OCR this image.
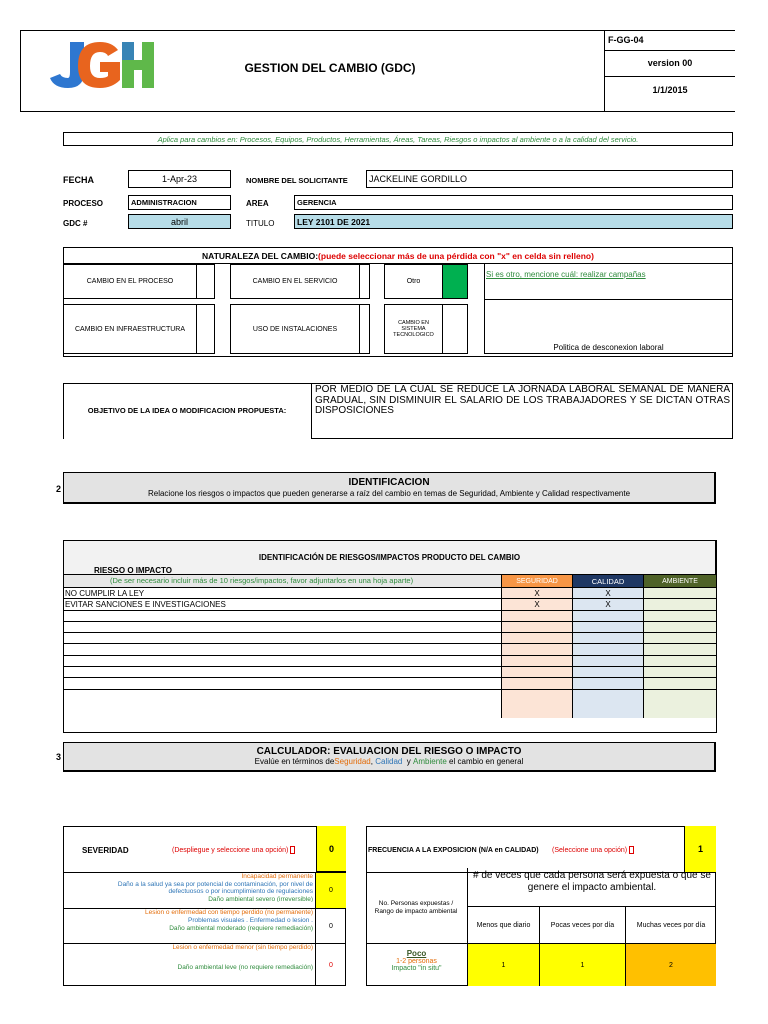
GESTION DEL CAMBIO (GDC)
F-GG-04
version 00
1/1/2015
Aplica para cambios en: Procesos, Equipos, Productos, Herramientas, Áreas, Tareas, Riesgos o impactos al ambiente o a la calidad del servicio.
FECHA	1-Apr-23	NOMBRE DEL SOLICITANTE	JACKELINE GORDILLO
PROCESO	ADMINISTRACION	AREA	GERENCIA
GDC #	abril	TITULO	LEY 2101 DE 2021
NATURALEZA DEL CAMBIO: (puede seleccionar más de una pérdida con "x" en celda sin relleno)
CAMBIO EN EL PROCESO	CAMBIO EN EL SERVICIO	Otro
Si es otro, mencione cuál: realizar campañas
CAMBIO EN INFRAESTRUCTURA	USO DE INSTALACIONES
CAMBIO EN SISTEMA TECNOLOGICO
Politica de desconexion laboral
OBJETIVO DE LA IDEA O MODIFICACION PROPUESTA:
POR MEDIO DE LA CUAL SE REDUCE LA JORNADA LABORAL SEMANAL DE MANERA GRADUAL, SIN DISMINUIR EL SALARIO DE LOS TRABAJADORES Y SE DICTAN OTRAS DISPOSICIONES
2
IDENTIFICACION
Relacione los riesgos o impactos que pueden generarse a raíz del cambio en temas de Seguridad, Ambiente y Calidad respectivamente
IDENTIFICACIÓN DE RIESGOS/IMPACTOS PRODUCTO DEL CAMBIO
RIESGO O IMPACTO
(De ser necesario incluir más de 10 riesgos/impactos, favor adjuntarlos en una hoja aparte)	SEGURIDAD	CALIDAD	AMBIENTE
NO CUMPLIR LA LEY	X	X
EVITAR SANCIONES E INVESTIGACIONES	X	X
3	CALCULADOR: EVALUACION DEL RIESGO O IMPACTO
Evalúe en términos de Seguridad , Calidad y Ambiente el cambio en general
SEVERIDAD	(Despliegue y seleccione una opción)
	0
Incapacidad permanente
Daño a la salud ya sea por potencial de contaminación, por nivel de defectuosos o por incumplimiento de regulaciones
Daño ambiental severo (irreversible)
0
Lesion o enfermedad con tiempo perdido (no permanente)
Problemas visuales . Enfermedad o lesion .
Daño ambiental moderado (requiere remediación)	0
Lesion o enfermedad menor (sin tiempo perdido)
Daño ambiental leve (no requiere remediación)	0
FRECUENCIA A LA EXPOSICION (N/A en CALIDAD) (Seleccione una opción)
	1
No. Personas expuestas / Rango de impacto ambiental
# de veces que cada persona será expuesta o que se genere el impacto ambiental.
Menos que diario	Pocas veces por día	Muchas veces por día
Poco
1-2 personas
Impacto "in situ"	1	1	2
